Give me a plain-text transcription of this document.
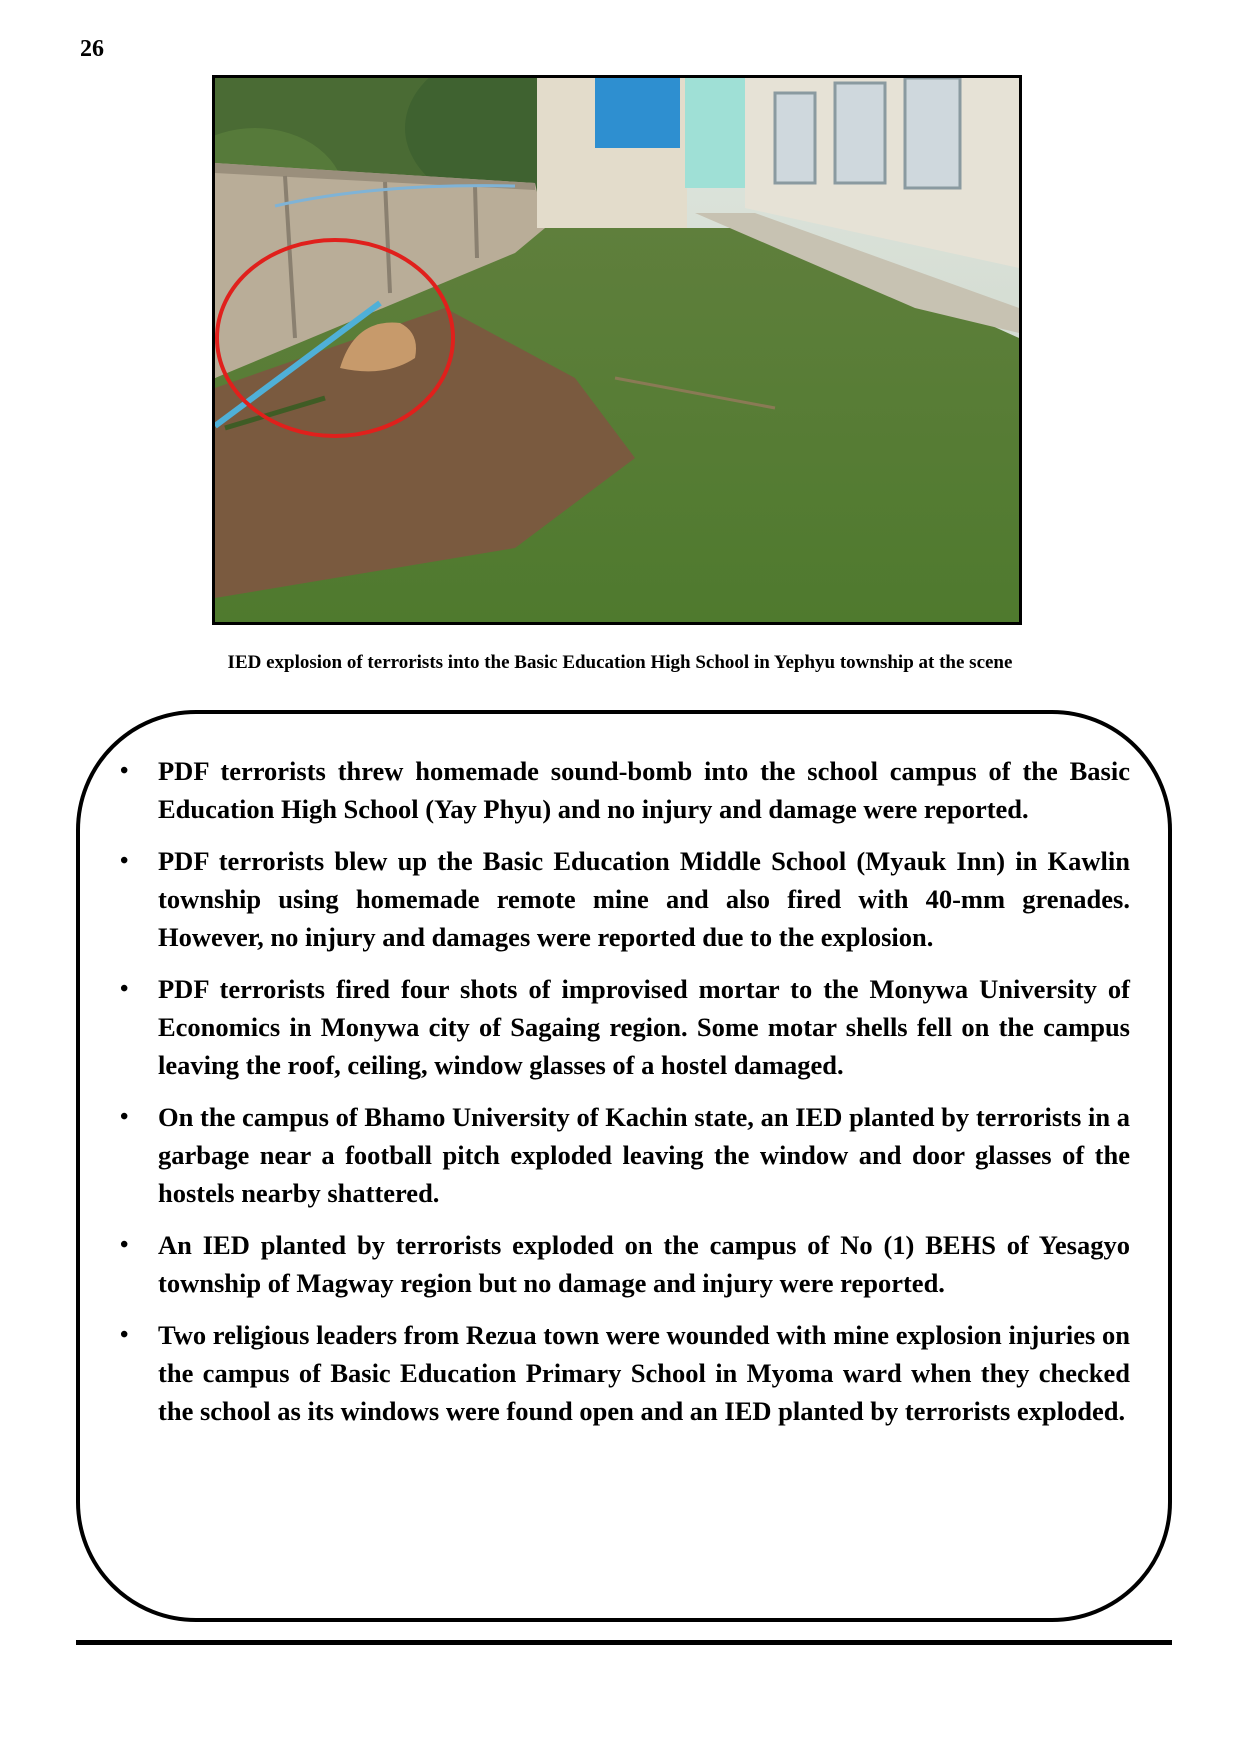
26
IED explosion of terrorists into the Basic Education High School in Yephyu township at the scene
• PDF terrorists threw homemade sound-bomb into the school campus of the Basic Education High School (Yay Phyu) and no injury and damage were reported.
• PDF terrorists blew up the Basic Education Middle School (Myauk Inn) in Kawlin township using homemade remote mine and also fired with 40-mm grenades. However, no injury and damages were reported due to the explosion.
• PDF terrorists fired four shots of improvised mortar to the Monywa University of Economics in Monywa city of Sagaing region. Some motar shells fell on the campus leaving the roof, ceiling, window glasses of a hostel damaged.
• On the campus of Bhamo University of Kachin state, an IED planted by terrorists in a garbage near a football pitch exploded leaving the window and door glasses of the hostels nearby shattered.
• An IED planted by terrorists exploded on the campus of No (1) BEHS of Yesagyo township of Magway region but no damage and injury were reported.
• Two religious leaders from Rezua town were wounded with mine explosion injuries on the campus of Basic Education Primary School in Myoma ward when they checked the school as its windows were found open and an IED planted by terrorists exploded.
